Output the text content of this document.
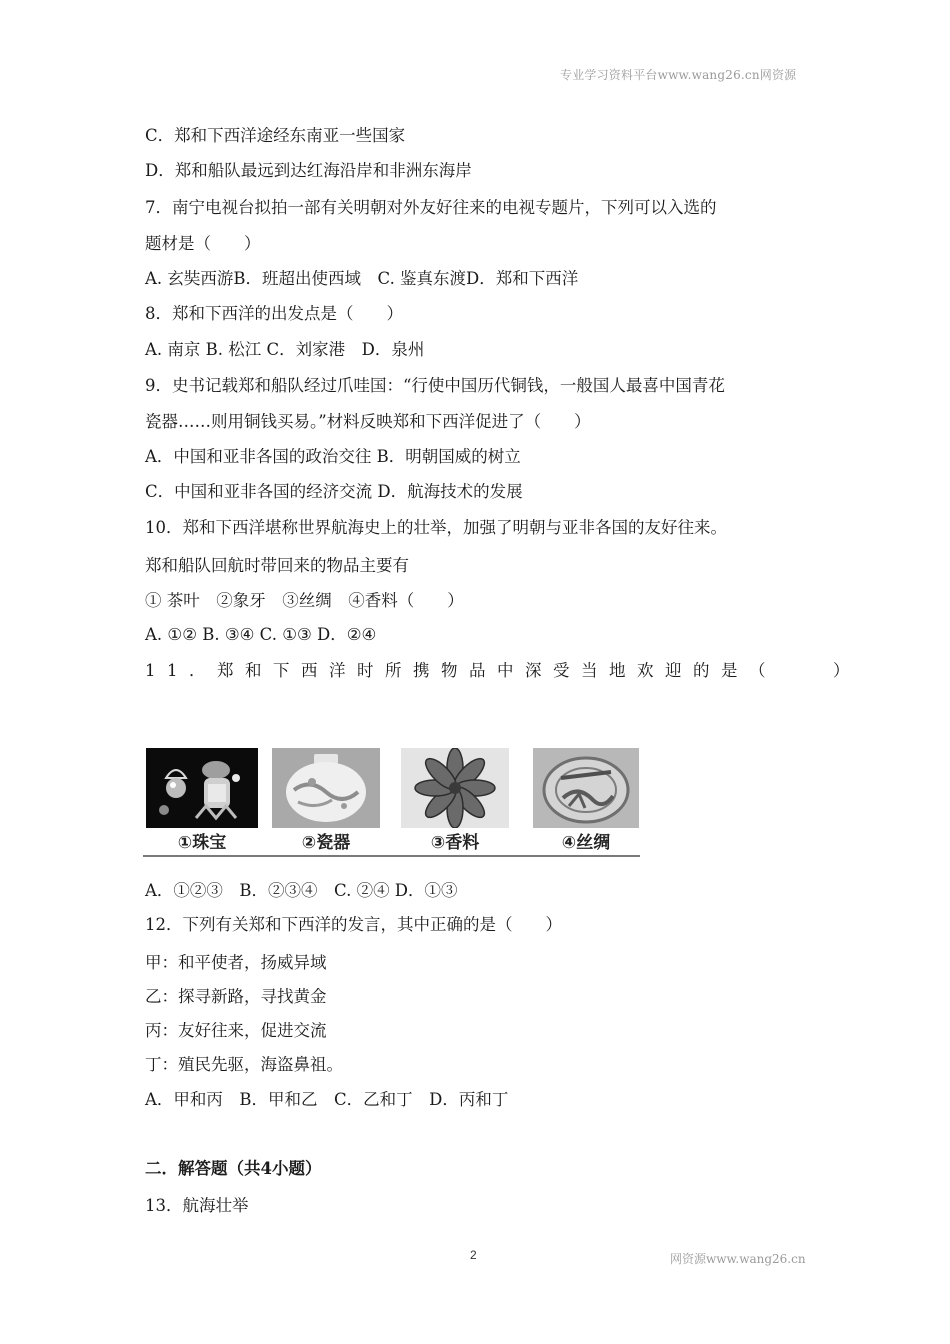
专业学习资料平台www.wang26.cn网资源
C．郑和下西洋途经东南亚一些国家
D．郑和船队最远到达红海沿岸和非洲东海岸
7．南宁电视台拟拍一部有关明朝对外友好往来的电视专题片，下列可以入选的
题材是（　　）
A. 玄奘西游B．班超出使西域　C. 鉴真东渡D．郑和下西洋
8．郑和下西洋的出发点是（　　）
A. 南京 B. 松江 C．刘家港　D．泉州
9．史书记载郑和船队经过爪哇国：“行使中国历代铜钱，一般国人最喜中国青花
瓷器……则用铜钱买易。”材料反映郑和下西洋促进了（　　）
A．中国和亚非各国的政治交往 B．明朝国威的树立
C．中国和亚非各国的经济交流 D．航海技术的发展
10．郑和下西洋堪称世界航海史上的壮举，加强了明朝与亚非各国的友好往来。
郑和船队回航时带回来的物品主要有
① 茶叶　②象牙　③丝绸　④香料（　　）
A. ①② B. ③④ C. ①③ D．②④
11．郑和下西洋时所携物品中深受当地欢迎的是（　　）
①珠宝	②瓷器	③香料	④丝绸
A．①②③　B．②③④　C. ②④ D．①③
12．下列有关郑和下西洋的发言，其中正确的是（　　）
甲：和平使者，扬威异域
乙：探寻新路，寻找黄金
丙：友好往来，促进交流
丁：殖民先驱，海盗鼻祖。
A．甲和丙　B．甲和乙　C．乙和丁　D．丙和丁
二．解答题（共4小题）
13．航海壮举
2	网资源www.wang26.cn
